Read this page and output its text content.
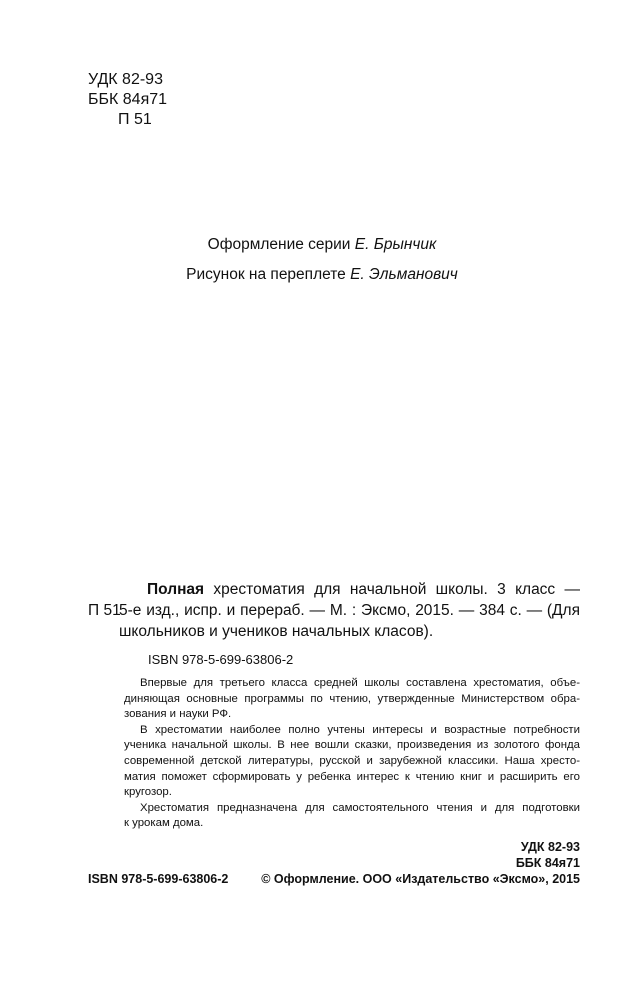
УДК 82-93
ББК 84я71
П 51
Оформление серии Е. Брынчик
Рисунок на переплете Е. Эльманович
Полная хрестоматия для начальной школы. 3 класс —
П 51
5-е изд., испр. и перераб. — М. : Эксмо, 2015. — 384 с. — (Для
школьников и учеников начальных класов).
ISBN 978-5-699-63806-2

Впервые для третьего класса средней школы составлена хрестоматия, объе-

диняющая основные программы по чтению, утвержденные Министерством обра-

зования и науки РФ.

В хрестоматии наиболее полно учтены интересы и возрастные потребности

ученика начальной школы. В нее вошли сказки, произведения из золотого фонда

современной детской литературы, русской и зарубежной классики. Наша хресто-

матия поможет сформировать у ребенка интерес к чтению книг и расширить его

кругозор.

Хрестоматия предназначена для самостоятельного чтения и для подготовки

к урокам дома.

УДК 82-93
ББК 84я71
ISBN 978-5-699-63806-2	© Оформление. ООО «Издательство «Эксмо», 2015
